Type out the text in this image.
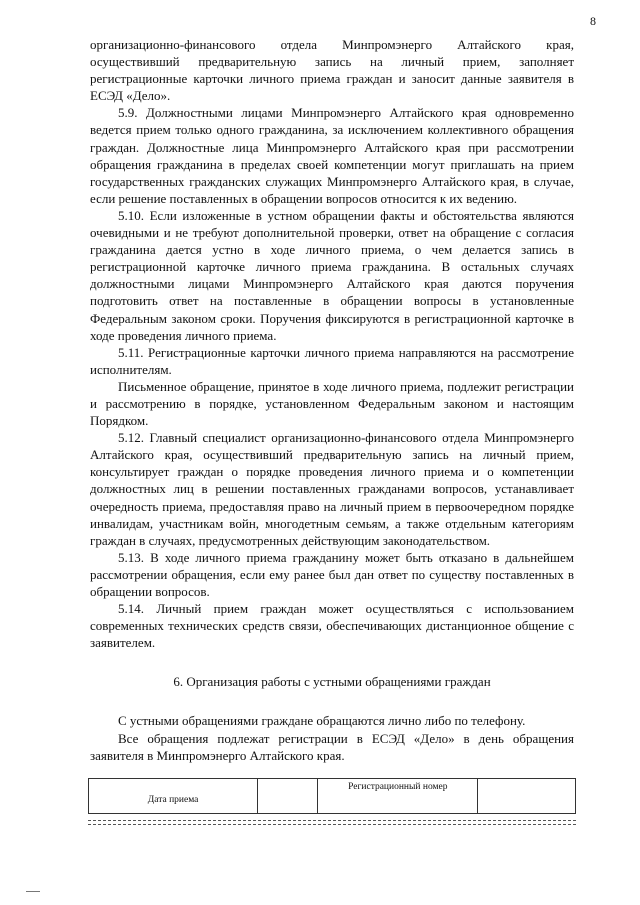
8

организационно-финансового отдела Минпромэнерго Алтайского края, осуществивший предварительную запись на личный прием, заполняет регистрационные карточки личного приема граждан и заносит данные заявителя в ЕСЭД «Дело».

5.9. Должностными лицами Минпромэнерго Алтайского края одновременно ведется прием только одного гражданина, за исключением коллективного обращения граждан. Должностные лица Минпромэнерго Алтайского края при рассмотрении обращения гражданина в пределах своей компетенции могут приглашать на прием государственных гражданских служащих Минпромэнерго Алтайского края, в случае, если решение поставленных в обращении вопросов относится к их ведению.

5.10. Если изложенные в устном обращении факты и обстоятельства являются очевидными и не требуют дополнительной проверки, ответ на обращение с согласия гражданина дается устно в ходе личного приема, о чем делается запись в регистрационной карточке личного приема гражданина. В остальных случаях должностными лицами Минпромэнерго Алтайского края даются поручения подготовить ответ на поставленные в обращении вопросы в установленные Федеральным законом сроки. Поручения фиксируются в регистрационной карточке в ходе проведения личного приема.

5.11. Регистрационные карточки личного приема направляются на рассмотрение исполнителям.

Письменное обращение, принятое в ходе личного приема, подлежит регистрации и рассмотрению в порядке, установленном Федеральным законом и настоящим Порядком.

5.12. Главный специалист организационно-финансового отдела Минпромэнерго Алтайского края, осуществивший предварительную запись на личный прием, консультирует граждан о порядке проведения личного приема и о компетенции должностных лиц в решении поставленных гражданами вопросов, устанавливает очередность приема, предоставляя право на личный прием в первоочередном порядке инвалидам, участникам войн, многодетным семьям, а также отдельным категориям граждан в случаях, предусмотренных действующим законодательством.

5.13. В ходе личного приема гражданину может быть отказано в дальнейшем рассмотрении обращения, если ему ранее был дан ответ по существу поставленных в обращении вопросов.

5.14. Личный прием граждан может осуществляться с использованием современных технических средств связи, обеспечивающих дистанционное общение с заявителем.

6. Организация работы с устными обращениями граждан

С устными обращениями граждане обращаются лично либо по телефону.

Все обращения подлежат регистрации в ЕСЭД «Дело» в день обращения заявителя в Минпромэнерго Алтайского края.

Дата приема		Регистрационный номер	
